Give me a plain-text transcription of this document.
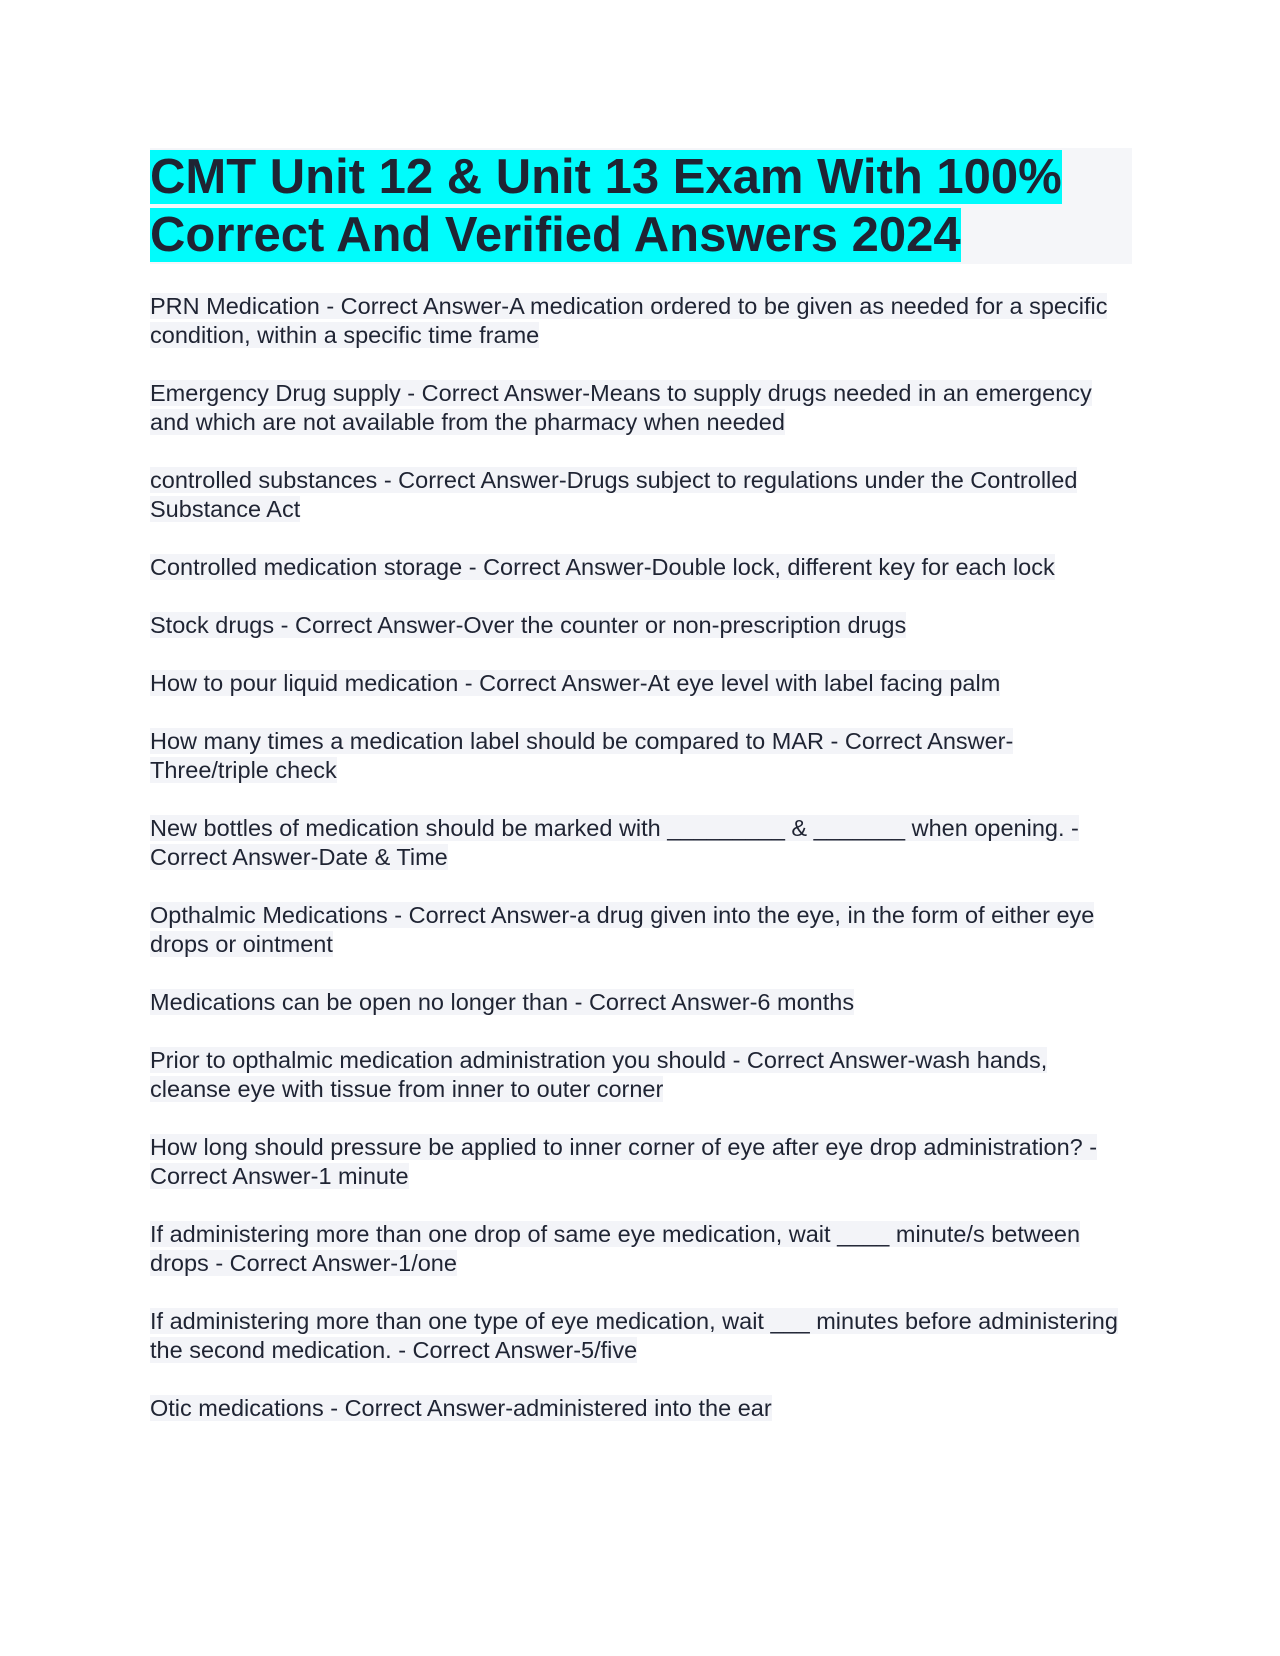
CMT Unit 12 & Unit 13 Exam With 100% Correct And Verified Answers 2024

PRN Medication - Correct Answer-A medication ordered to be given as needed for a specific condition, within a specific time frame

Emergency Drug supply - Correct Answer-Means to supply drugs needed in an emergency and which are not available from the pharmacy when needed

controlled substances - Correct Answer-Drugs subject to regulations under the Controlled Substance Act

Controlled medication storage - Correct Answer-Double lock, different key for each lock

Stock drugs - Correct Answer-Over the counter or non-prescription drugs

How to pour liquid medication - Correct Answer-At eye level with label facing palm

How many times a medication label should be compared to MAR - Correct Answer-Three/triple check

New bottles of medication should be marked with _________ & _______ when opening. - Correct Answer-Date & Time

Opthalmic Medications - Correct Answer-a drug given into the eye, in the form of either eye drops or ointment

Medications can be open no longer than - Correct Answer-6 months

Prior to opthalmic medication administration you should - Correct Answer-wash hands, cleanse eye with tissue from inner to outer corner

How long should pressure be applied to inner corner of eye after eye drop administration? - Correct Answer-1 minute

If administering more than one drop of same eye medication, wait ____ minute/s between drops - Correct Answer-1/one

If administering more than one type of eye medication, wait ___ minutes before administering the second medication. - Correct Answer-5/five

Otic medications - Correct Answer-administered into the ear
